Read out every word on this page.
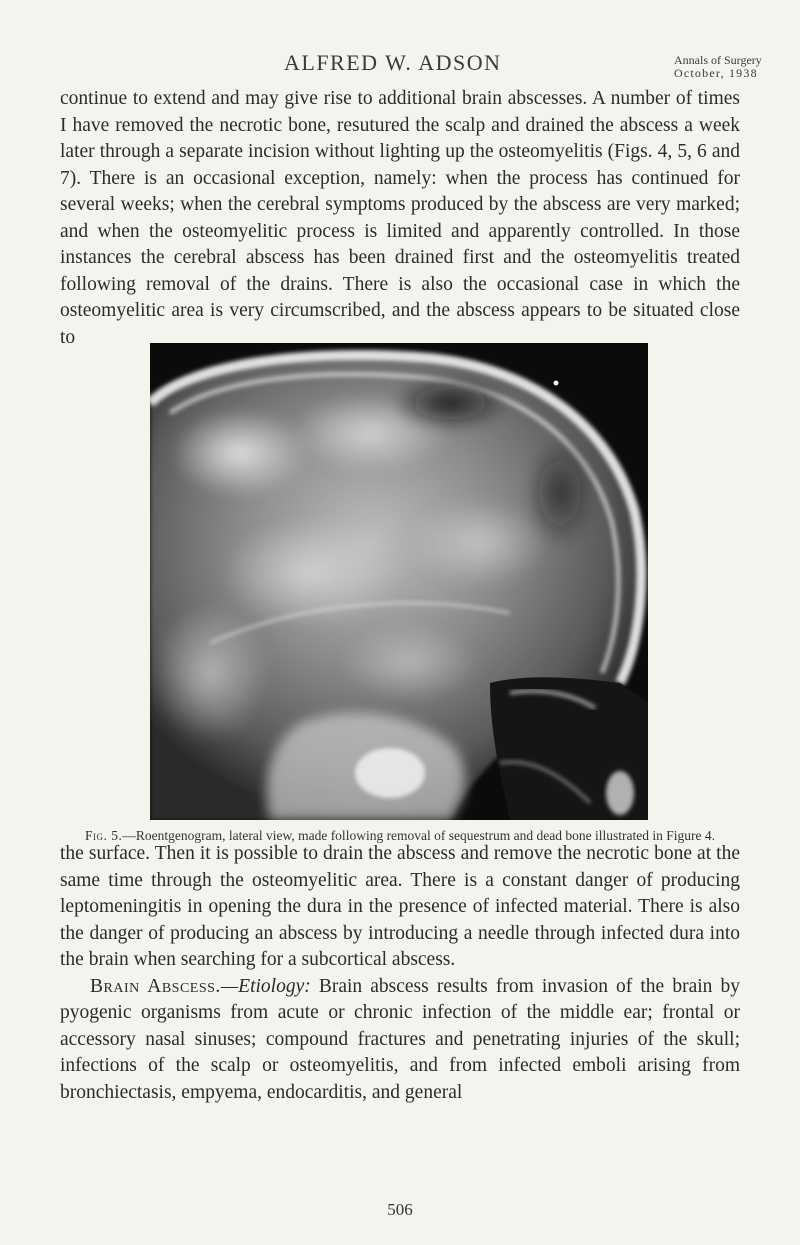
ALFRED W. ADSON	Annals of Surgery
October, 1938

continue to extend and may give rise to additional brain abscesses. A number of times I have removed the necrotic bone, resutured the scalp and drained the abscess a week later through a separate incision without lighting up the osteomyelitis (Figs. 4, 5, 6 and 7). There is an occasional exception, namely: when the process has continued for several weeks; when the cerebral symptoms produced by the abscess are very marked; and when the osteomyelitic process is limited and apparently controlled. In those instances the cerebral abscess has been drained first and the osteomyelitis treated following removal of the drains. There is also the occasional case in which the osteomyelitic area is very circumscribed, and the abscess appears to be situated close to

Fig. 5.—Roentgenogram, lateral view, made following removal of sequestrum and dead bone illustrated in Figure 4.

the surface. Then it is possible to drain the abscess and remove the necrotic bone at the same time through the osteomyelitic area. There is a constant danger of producing leptomeningitis in opening the dura in the presence of infected material. There is also the danger of producing an abscess by introducing a needle through infected dura into the brain when searching for a subcortical abscess.

Brain Abscess.—Etiology: Brain abscess results from invasion of the brain by pyogenic organisms from acute or chronic infection of the middle ear; frontal or accessory nasal sinuses; compound fractures and penetrating injuries of the skull; infections of the scalp or osteomyelitis, and from infected emboli arising from bronchiectasis, empyema, endocarditis, and general

506
